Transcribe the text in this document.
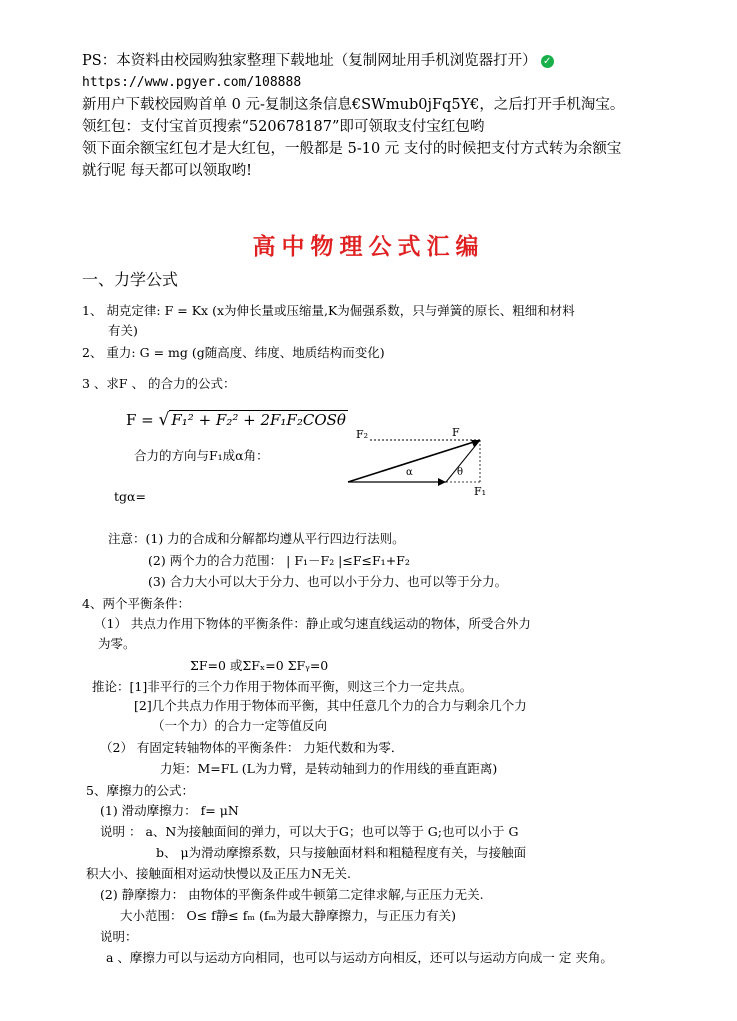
PS：本资料由校园购独家整理下载地址（复制网址用手机浏览器打开） ✓
https://www.pgyer.com/108888
新用户下载校园购首单 0 元-复制这条信息€SWmub0jFq5Y€，之后打开手机淘宝。
领红包：支付宝首页搜索“520678187”即可领取支付宝红包哟
领下面余额宝红包才是大红包，一般都是 5-10 元 支付的时候把支付方式转为余额宝
就行呢 每天都可以领取哟!
高中物理公式汇编
一、力学公式
1、 胡克定律: F = Kx (x为伸长量或压缩量,K为倔强系数，只与弹簧的原长、粗细和材料
有关)
2、 重力: G = mg (g随高度、纬度、地质结构而变化)
3 、求F 、 的合力的公式：
F = √ F₁² + F₂² + 2F₁F₂COSθ
合力的方向与F₁成α角：
tgα=
F₂	F
α	θ
F₁
注意：(1) 力的合成和分解都均遵从平行四边行法则。
(2) 两个力的合力范围： | F₁－F₂ |≤F≤F₁+F₂
(3) 合力大小可以大于分力、也可以小于分力、也可以等于分力。
4、两个平衡条件：
（1） 共点力作用下物体的平衡条件：静止或匀速直线运动的物体，所受合外力
为零。
ΣF=0 或ΣFₓ=0 ΣFᵧ=0
推论：[1]非平行的三个力作用于物体而平衡，则这三个力一定共点。
[2]几个共点力作用于物体而平衡，其中任意几个力的合力与剩余几个力
（一个力）的合力一定等值反向
（2） 有固定转轴物体的平衡条件： 力矩代数和为零．
力矩：M=FL (L为力臂，是转动轴到力的作用线的垂直距离)
5、摩擦力的公式：
(1) 滑动摩擦力： f= μN
说明 ： a、N为接触面间的弹力，可以大于G；也可以等于 G;也可以小于 G
b、 μ为滑动摩擦系数，只与接触面材料和粗糙程度有关，与接触面
积大小、接触面相对运动快慢以及正压力N无关.
(2) 静摩擦力： 由物体的平衡条件或牛顿第二定律求解,与正压力无关.
大小范围： O≤ f静≤ fₘ (fₘ为最大静摩擦力，与正压力有关)
说明：
a 、摩擦力可以与运动方向相同，也可以与运动方向相反，还可以与运动方向成一 定 夹角。
